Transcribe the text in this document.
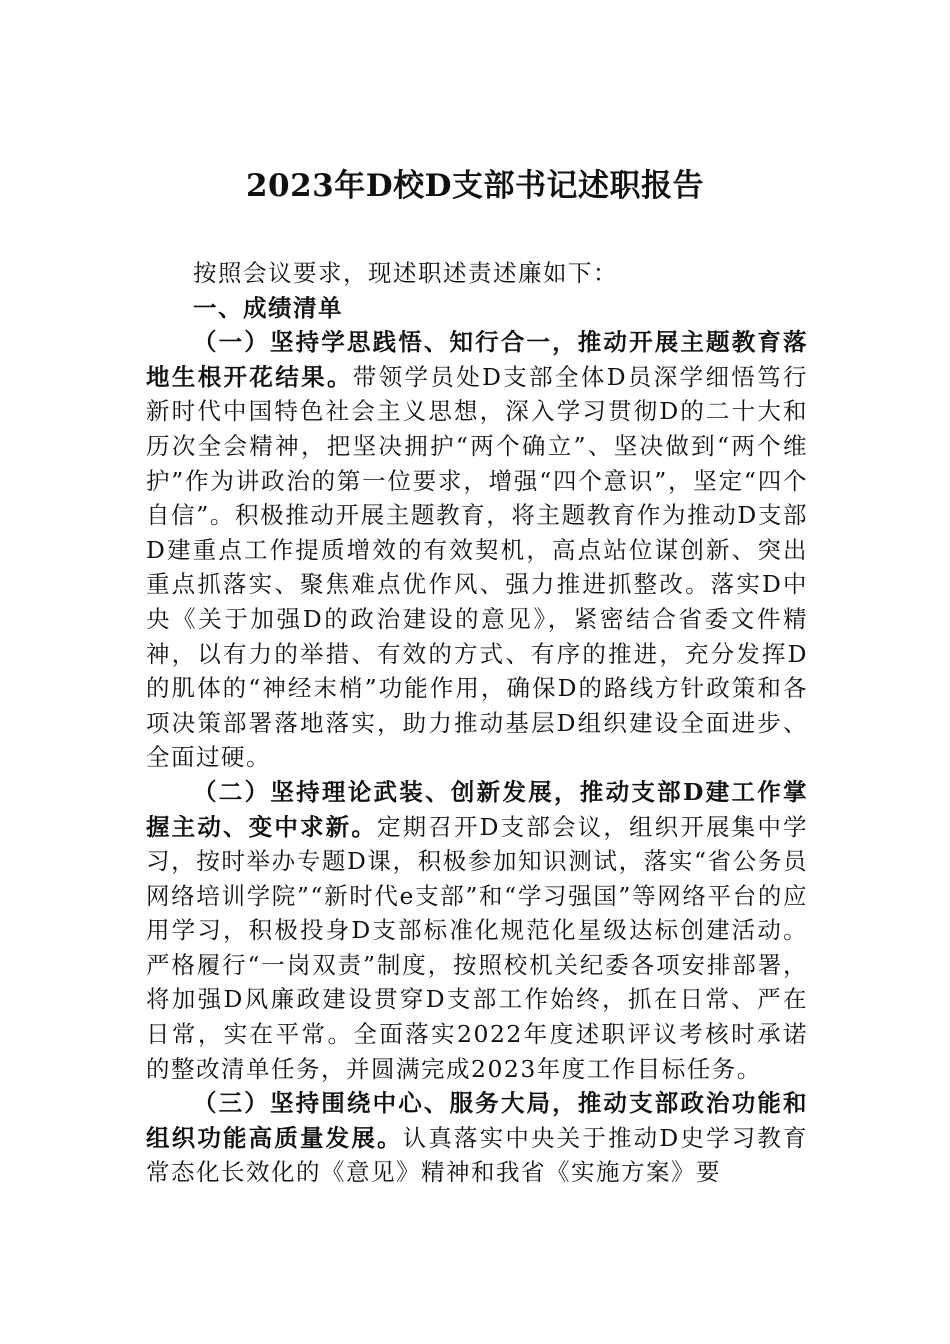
2023年D校D支部书记述职报告

按照会议要求，现述职述责述廉如下：

一、成绩清单

（一）坚持学思践悟、知行合一，推动开展主题教育落地生根开花结果。带领学员处D支部全体D员深学细悟笃行新时代中国特色社会主义思想，深入学习贯彻D的二十大和历次全会精神，把坚决拥护“两个确立”、坚决做到“两个维护”作为讲政治的第一位要求，增强“四个意识”，坚定“四个自信”。积极推动开展主题教育，将主题教育作为推动D支部D建重点工作提质增效的有效契机，高点站位谋创新、突出重点抓落实、聚焦难点优作风、强力推进抓整改。落实D中央《关于加强D的政治建设的意见》，紧密结合省委文件精神，以有力的举措、有效的方式、有序的推进，充分发挥D的肌体的“神经末梢”功能作用，确保D的路线方针政策和各项决策部署落地落实，助力推动基层D组织建设全面进步、全面过硬。

（二）坚持理论武装、创新发展，推动支部D建工作掌握主动、变中求新。定期召开D支部会议，组织开展集中学习，按时举办专题D课，积极参加知识测试，落实“省公务员网络培训学院”“新时代e支部”和“学习强国”等网络平台的应用学习，积极投身D支部标准化规范化星级达标创建活动。严格履行“一岗双责”制度，按照校机关纪委各项安排部署，将加强D风廉政建设贯穿D支部工作始终，抓在日常、严在日常，实在平常。全面落实2022年度述职评议考核时承诺的整改清单任务，并圆满完成2023年度工作目标任务。

（三）坚持围绕中心、服务大局，推动支部政治功能和组织功能高质量发展。认真落实中央关于推动D史学习教育常态化长效化的《意见》精神和我省《实施方案》要
